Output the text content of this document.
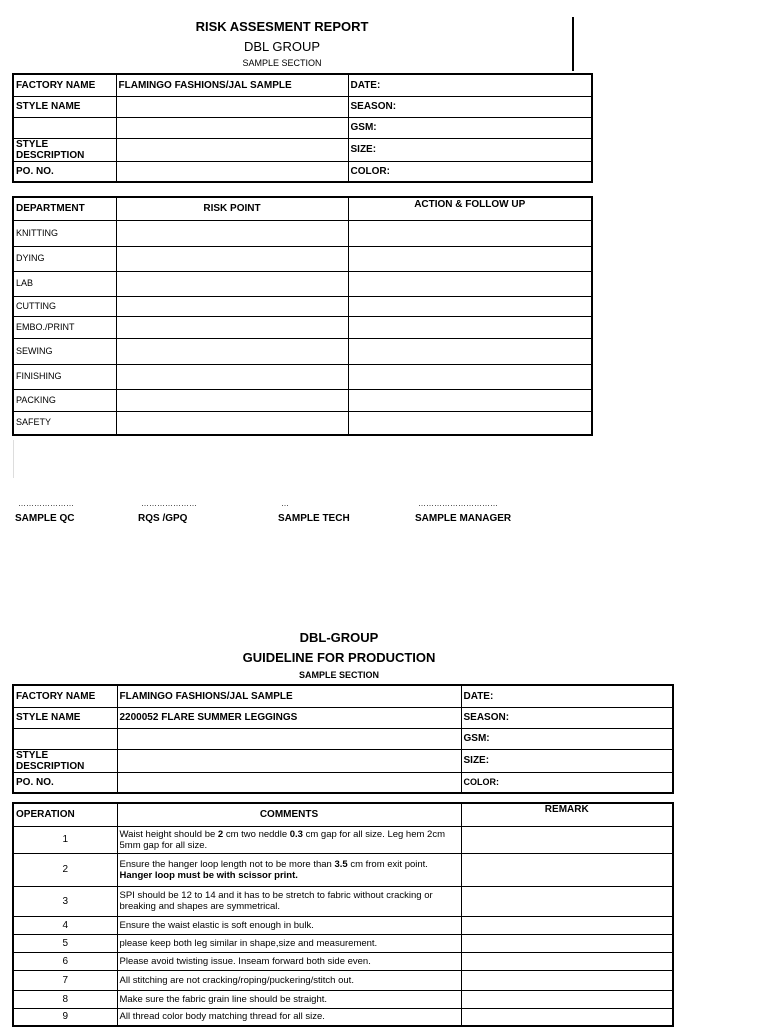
RISK ASSESMENT REPORT
DBL GROUP
SAMPLE SECTION
FACTORY NAME	FLAMINGO FASHIONS/JAL SAMPLE	DATE:
STYLE NAME		SEASON:
		GSM:
STYLE DESCRIPTION		SIZE:
PO. NO.		COLOR:
DEPARTMENT	RISK POINT	ACTION & FOLLOW UP
KNITTING		
DYING		
LAB		
CUTTING		
EMBO./PRINT		
SEWING		
FINISHING		
PACKING		
SAFETY		
…………………
SAMPLE QC
…………………
RQS /GPQ
…
SAMPLE TECH
…………………………
SAMPLE MANAGER
DBL-GROUP
GUIDELINE FOR PRODUCTION
SAMPLE SECTION
FACTORY NAME	FLAMINGO FASHIONS/JAL SAMPLE	DATE:
STYLE NAME	2200052 FLARE SUMMER LEGGINGS	SEASON:
		GSM:
STYLE DESCRIPTION		SIZE:
PO. NO.		COLOR:
OPERATION	COMMENTS	REMARK
1	Waist height should be 2 cm two neddle 0.3 cm gap for all size. Leg hem 2cm 5mm gap for all size.	
2	Ensure the hanger loop length not to be more than 3.5 cm from exit point. Hanger loop must be with scissor print.	
3	SPI should be 12 to 14 and it has to be stretch to fabric without cracking or breaking and shapes are symmetrical.	
4	Ensure the waist elastic is soft enough in bulk.	
5	please keep both leg similar in shape,size and measurement.	
6	Please avoid twisting issue. Inseam forward both side even.	
7	All stitching are not cracking/roping/puckering/stitch out.	
8	Make sure the fabric grain line should be straight.	
9	All thread color body matching thread for all size.	
